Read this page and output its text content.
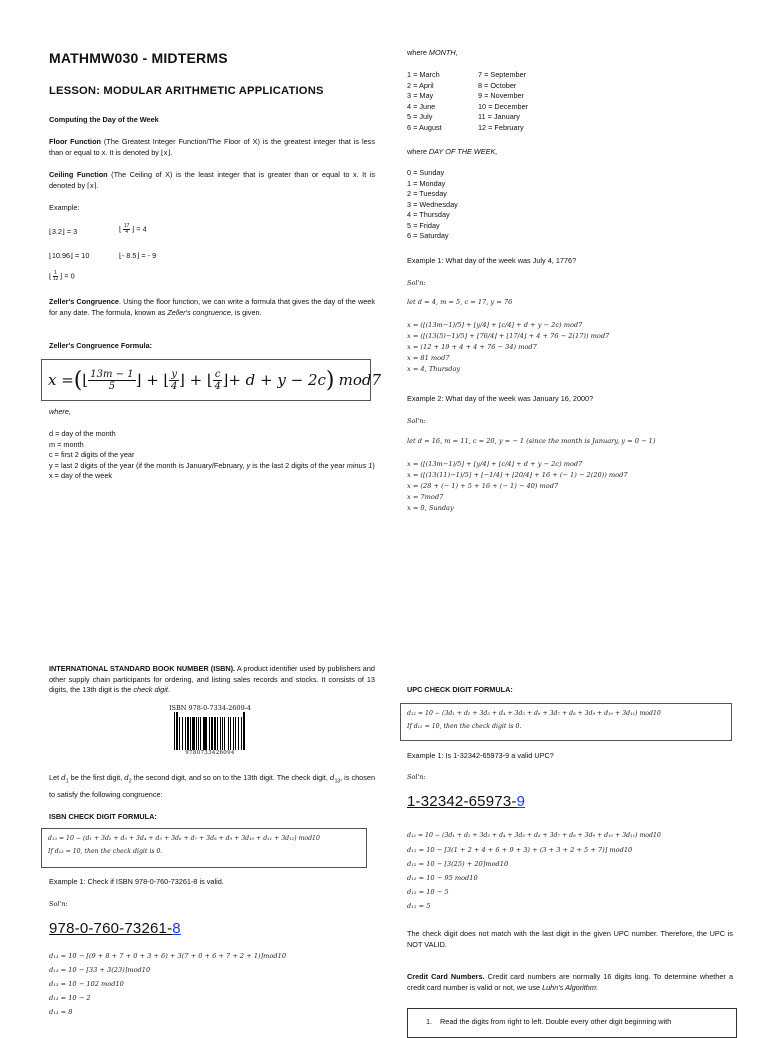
MATHMW030 - MIDTERMS
LESSON: MODULAR ARITHMETIC APPLICATIONS

Computing the Day of the Week

Floor Function (The Greatest Integer Function/The Floor of X) is the greatest integer that is less than or equal to x. It is denoted by ⌊x⌋.

Ceiling Function (The Ceiling of X) is the least integer that is greater than or equal to x. It is denoted by ⌈x⌉.

Example:

⌊3.2⌋ = 3	⌊ $\frac{17}{4}⌋ = 4$

⌊10.96⌋ = 10	⌊- 8.5⌋ = - 9

⌊ $\frac{1}{12}⌋ = 0$

Zeller's Congruence. Using the floor function, we can write a formula that gives the day of the week for any date. The formula, known as Zeller's congruence, is given.

Zeller's Congruence Formula:

x = ( ⌊ 13m − 1
5 ⌋ + ⌊ y
4 ⌋ + ⌊ c
4 ⌋ + d + y − 2c )
mod7

where,

d = day of the month

m = month

c = first 2 digits of the year

y = last 2 digits of the year (if the month is January/February, y is the last 2 digits of the year minus 1)

x = day of the week

INTERNATIONAL STANDARD BOOK NUMBER (ISBN). A product identifier used by publishers and other supply chain participants for ordering, and listing sales records and stocks. It consists of 13 digits, the 13th digit is the check digit.

ISBN 978-0-7334-2609-4
9780733426094

Let $d_1$ be the first digit, $d_2$ the second digit, and so on to the 13th digit. The check digit, $d_{13}$, is chosen to satisfy the following congruence:

ISBN CHECK DIGIT FORMULA:

d₁₃ = 10 − (d₁ + 3d₂ + d₃ + 3d₄ + d₅ + 3d₆ + d₇ + 3d₈ + d₉ + 3d₁₀ + d₁₁ + 3d₁₂) mod10
If d₁₃ = 10, then the check digit is 0.

Example 1: Check if ISBN 978-0-760-73261-8 is valid.

Sol'n:

978-0-760-73261-8
d₁₃ = 10 − [(9 + 8 + 7 + 0 + 3 + 6) + 3(7 + 0 + 6 + 7 + 2 + 1)]mod10
d₁₃ = 10 − [33 + 3(23)]mod10
d₁₃ = 10 − 102 mod10
d₁₃ = 10 − 2
d₁₃ = 8

where MONTH,

1 = March

2 = April

3 = May

4 = June

5 = July

6 = August

7 = September

8 = October

9 = November

10 = December

11 = January

12 = February

where DAY OF THE WEEK,

0 = Sunday

1 = Monday

2 = Tuesday

3 = Wednesday

4 = Thursday

5 = Friday

6 = Saturday

Example 1: What day of the week was July 4, 1776?

Sol'n:

let d = 4, m = 5, c = 17, y = 76

x = (⌊(13m−1)/5⌋ + ⌊y/4⌋ + ⌊c/4⌋ + d + y − 2c) mod7
x = (⌊(13(5)−1)/5⌋ + ⌊76/4⌋ + ⌊17/4⌋ + 4 + 76 − 2(17)) mod7
x = (12 + 19 + 4 + 4 + 76 − 34) mod7
x = 81 mod7
x = 4, Thursday

Example 2: What day of the week was January 16, 2000?

Sol'n:

let d = 16, m = 11, c = 20, y = − 1 (since the month is January, y = 0 − 1)

x = (⌊(13m−1)/5⌋ + ⌊y/4⌋ + ⌊c/4⌋ + d + y − 2c) mod7
x = (⌊(13(11)−1)/5⌋ + ⌊−1/4⌋ + ⌊20/4⌋ + 16 + (− 1) − 2(20)) mod7
x = (28 + (− 1) + 5 + 16 + (− 1) − 40) mod7
x = 7mod7
x = 0, Sunday

UPC CHECK DIGIT FORMULA:

d₁₂ = 10 − (3d₁ + d₂ + 3d₃ + d₄ + 3d₅ + d₆ + 3d₇ + d₈ + 3d₉ + d₁₀ + 3d₁₁) mod10
If d₁₂ = 10, then the check digit is 0.

Example 1: Is 1-32342-65973-9 a valid UPC?

Sol'n:

1-32342-65973-9
d₁₂ = 10 − (3d₁ + d₂ + 3d₃ + d₄ + 3d₅ + d₆ + 3d₇ + d₈ + 3d₉ + d₁₀ + 3d₁₁) mod10
d₁₂ = 10 − [3(1 + 2 + 4 + 6 + 9 + 3) + (3 + 3 + 2 + 5 + 7)] mod10
d₁₂ = 10 − [3(25) + 20]mod10
d₁₂ = 10 − 95 mod10
d₁₂ = 10 − 5
d₁₂ = 5

The check digit does not match with the last digit in the given UPC number. Therefore, the UPC is NOT VALID.

Credit Card Numbers. Credit card numbers are normally 16 digits long. To determine whether a credit card number is valid or not, we use Luhn's Algorithm:

1. Read the digits from right to left. Double every other digit beginning with
